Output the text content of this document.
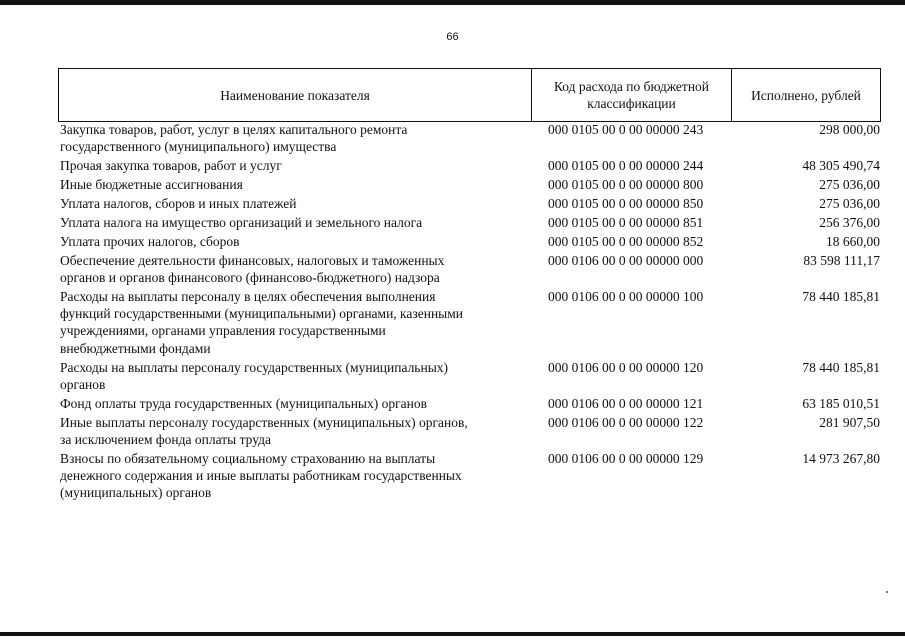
66
Наименование показателя	Код расхода по бюджетной классификации	Исполнено, рублей
Закупка товаров, работ, услуг в целях капитального ремонта
государственного (муниципального) имущества
000 0105 00 0 00 00000 243	298 000,00
Прочая закупка товаров, работ и услуг	000 0105 00 0 00 00000 244	48 305 490,74
Иные бюджетные ассигнования	000 0105 00 0 00 00000 800	275 036,00
Уплата налогов, сборов и иных платежей	000 0105 00 0 00 00000 850	275 036,00
Уплата налога на имущество организаций и земельного налога	000 0105 00 0 00 00000 851	256 376,00
Уплата прочих налогов, сборов	000 0105 00 0 00 00000 852	18 660,00
Обеспечение деятельности финансовых, налоговых и таможенных
органов и органов финансового (финансово-бюджетного) надзора
000 0106 00 0 00 00000 000	83 598 111,17
Расходы на выплаты персоналу в целях обеспечения выполнения
функций государственными (муниципальными) органами, казенными
учреждениями, органами управления государственными
внебюджетными фондами
000 0106 00 0 00 00000 100	78 440 185,81
Расходы на выплаты персоналу государственных (муниципальных)
органов
000 0106 00 0 00 00000 120	78 440 185,81
Фонд оплаты труда государственных (муниципальных) органов	000 0106 00 0 00 00000 121	63 185 010,51
Иные выплаты персоналу государственных (муниципальных) органов,
за исключением фонда оплаты труда
000 0106 00 0 00 00000 122	281 907,50
Взносы по обязательному социальному страхованию на выплаты
денежного содержания и иные выплаты работникам государственных
(муниципальных) органов
000 0106 00 0 00 00000 129	14 973 267,80
